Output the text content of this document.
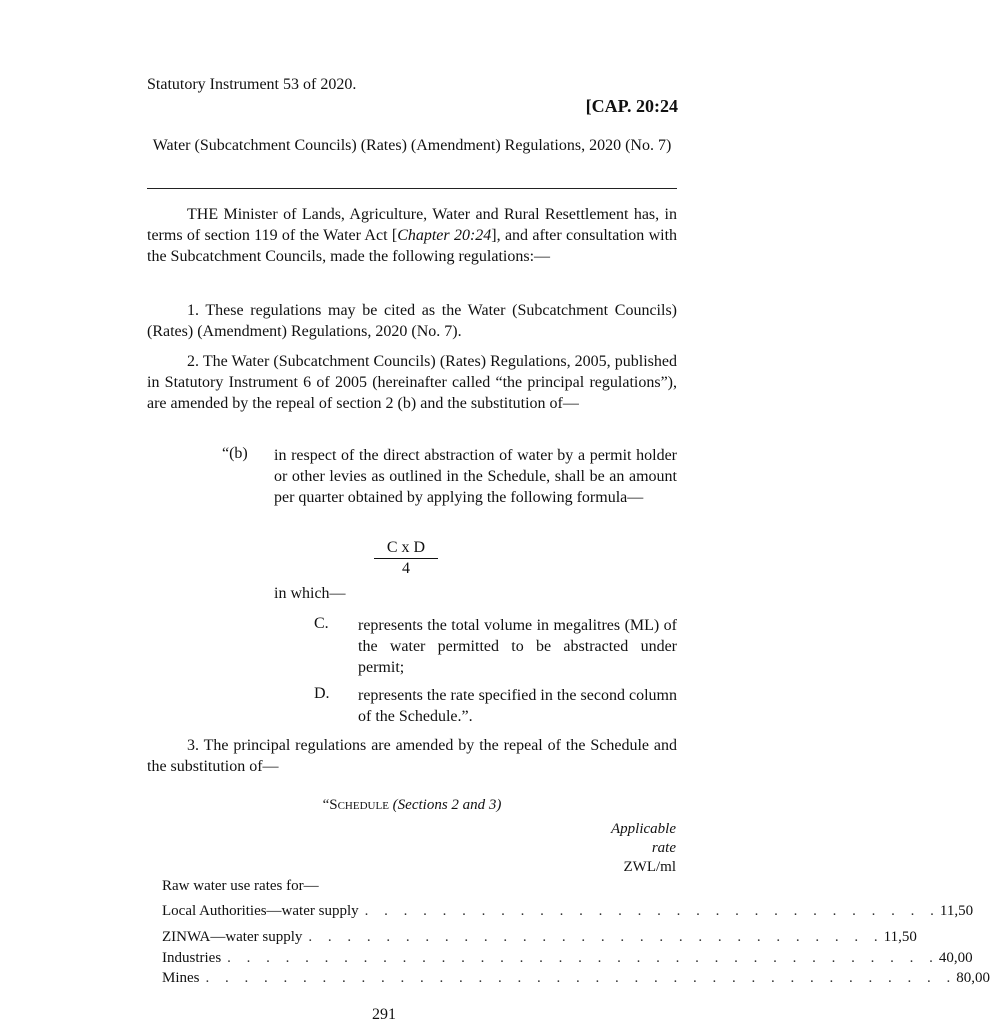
Statutory Instrument 53 of 2020.
[CAP. 20:24
Water (Subcatchment Councils) (Rates) (Amendment) Regulations, 2020 (No. 7)
THE Minister of Lands, Agriculture, Water and Rural Resettlement has, in terms of section 119 of the Water Act [Chapter 20:24], and after consultation with the Subcatchment Councils, made the following regulations:—
1. These regulations may be cited as the Water (Subcatchment Councils) (Rates) (Amendment) Regulations, 2020 (No. 7).
2. The Water (Subcatchment Councils) (Rates) Regulations, 2005, published in Statutory Instrument 6 of 2005 (hereinafter called “the principal regulations”), are amended by the repeal of section 2 (b) and the substitution of—
“(b) in respect of the direct abstraction of water by a permit holder or other levies as outlined in the Schedule, shall be an amount per quarter obtained by applying the following formula—
$\frac{\text{C x D}}{4}$
in which—
C. represents the total volume in megalitres (ML) of the water permitted to be abstracted under permit;
D. represents the rate specified in the second column of the Schedule.”.
3. The principal regulations are amended by the repeal of the Schedule and the substitution of—
“Schedule (Sections 2 and 3)
Applicable
rate
ZWL/ml
Raw water use rates for—
Local Authorities—water supply . . . . . . . . . . . . . . . . . . . . . . . . . . . . . . 11,50
ZINWA—water supply . . . . . . . . . . . . . . . . . . . . . . . . . . . . . . 11,50
Industries . . . . . . . . . . . . . . . . . . . . . . . . . . . . . . . . . . . . . 40,00
Mines . . . . . . . . . . . . . . . . . . . . . . . . . . . . . . . . . . . . . . . 80,00
291
